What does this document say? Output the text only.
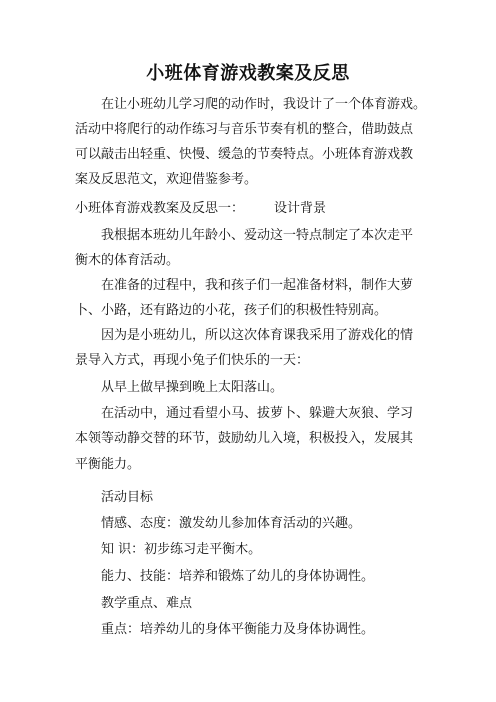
小班体育游戏教案及反思
在让小班幼儿学习爬的动作时，我设计了一个体育游戏。
活动中将爬行的动作练习与音乐节奏有机的整合，借助鼓点
可以敲击出轻重、快慢、缓急的节奏特点。小班体育游戏教
案及反思范文，欢迎借鉴参考。
小班体育游戏教案及反思一： 设计背景
我根据本班幼儿年龄小、爱动这一特点制定了本次走平
衡木的体育活动。
在准备的过程中，我和孩子们一起准备材料，制作大萝
卜、小路，还有路边的小花，孩子们的积极性特别高。
因为是小班幼儿，所以这次体育课我采用了游戏化的情
景导入方式，再现小兔子们快乐的一天：
从早上做早操到晚上太阳落山。
在活动中，通过看望小马、拔萝卜、躲避大灰狼、学习
本领等动静交替的环节，鼓励幼儿入境，积极投入，发展其
平衡能力。
活动目标
情感、态度：激发幼儿参加体育活动的兴趣。
知 识：初步练习走平衡木。
能力、技能：培养和锻炼了幼儿的身体协调性。
教学重点、难点
重点：培养幼儿的身体平衡能力及身体协调性。
